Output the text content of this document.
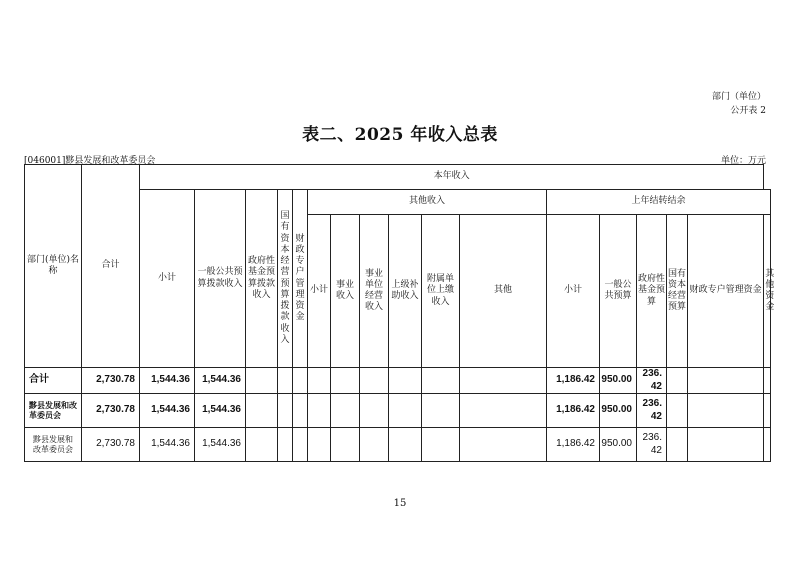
部门（单位）
公开表 2
表二、2025 年收入总表
[046001]黟县发展和改革委员会	单位：万元
部门(单位)名称	合计	本年收入																
		小计	一般公共预算拨款收入	政府性基金预算拨款收入	国有资本经营预算拨款收入	财政专户管理资金	其他收入						上年结转结余					
							小计	事业收入	事业单位经营收入	上级补助收入	附属单位上缴收入	其他	小计	一般公共预算	政府性基金预算	国有资本经营预算	财政专户管理资金	其他资金
合计	2,730.78	1,544.36	1,544.36										1,186.42	950.00	236.42			
黟县发展和改革委员会	2,730.78	1,544.36	1,544.36										1,186.42	950.00	236.42			
黟县发展和改革委员会	2,730.78	1,544.36	1,544.36										1,186.42	950.00	236.42			
15
